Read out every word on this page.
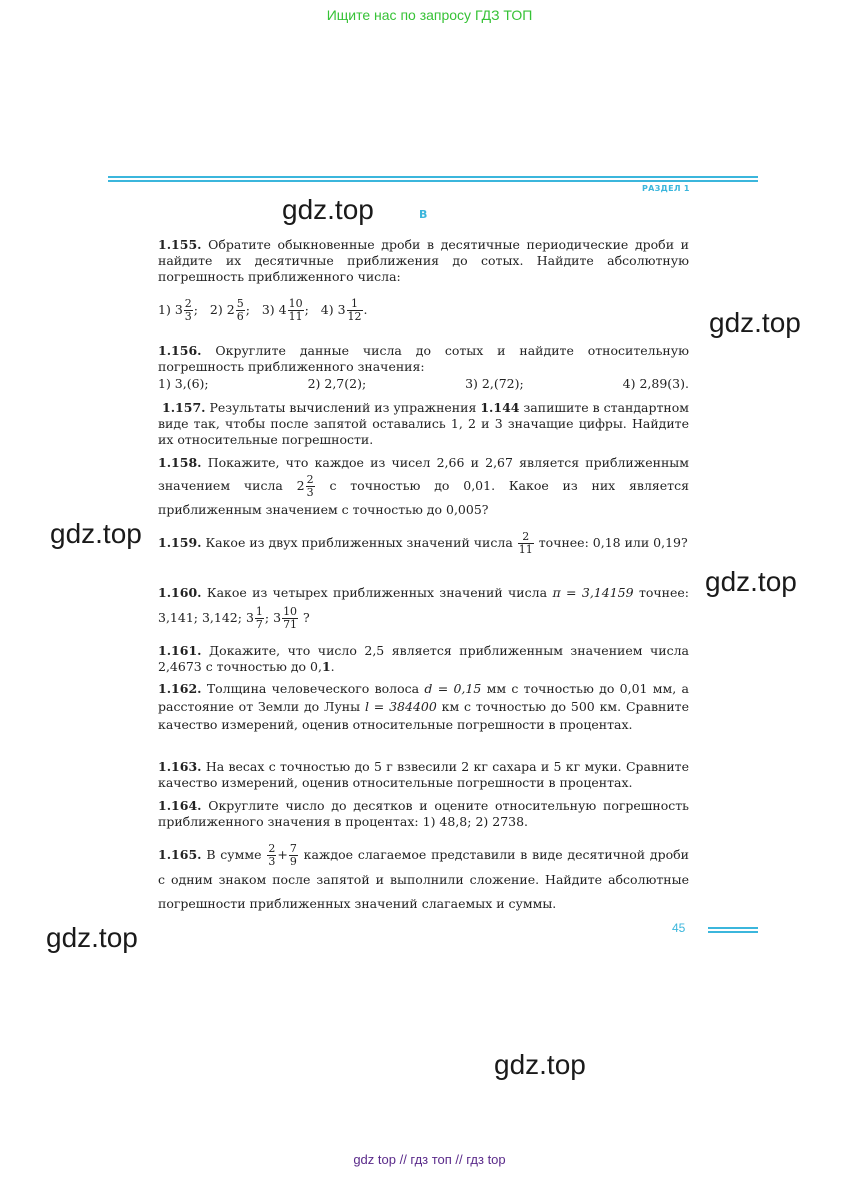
Ищите нас по запросу ГДЗ ТОП
РАЗДЕЛ 1
В
gdz.top
gdz.top
gdz.top
gdz.top
gdz.top
gdz.top
1.155. Обратите обыкновенные дроби в десятичные периодические дроби и найдите их десятичные приближения до сотых. Найдите абсолютную погрешность приближенного числа:
1) $3 \frac{2}{3}$ ; 2) $2 \frac{5}{6}$ ; 3) $4 \frac{10}{11}$ ; 4) $3 \frac{1}{12}$ .
1.156. Округлите данные числа до сотых и найдите относительную погрешность приближенного значения:
1) 3,(6);	2) 2,7(2);	3) 2,(72);	4) 2,89(3).
1.157. Результаты вычислений из упражнения 1.144 запишите в стандартном виде так, чтобы после запятой оставались 1, 2 и 3 значащие цифры. Найдите их относительные погрешности.
1.158. Покажите, что каждое из чисел 2,66 и 2,67 является приближенным значением числа $2 \frac{2}{3}$ с точностью до 0,01. Какое из них является приближенным значением с точностью до 0,005?
1.159. Какое из двух приближенных значений числа $\frac{2}{11}$ точнее: 0,18 или 0,19?
1.160. Какое из четырех приближенных значений числа π = 3,14159 точнее: 3,141; 3,142; $3 \frac{1}{7}$ ; $3 \frac{10}{71}$ ?
1.161. Докажите, что число 2,5 является приближенным значением числа 2,4673 с точностью до 0,1.
1.162. Толщина человеческого волоса d = 0,15 мм с точностью до 0,01 мм, а расстояние от Земли до Луны l = 384400 км с точностью до 500 км. Сравните качество измерений, оценив относительные погрешности в процентах.
1.163. На весах с точностью до 5 г взвесили 2 кг сахара и 5 кг муки. Сравните качество измерений, оценив относительные погрешности в процентах.
1.164. Округлите число до десятков и оцените относительную погрешность приближенного значения в процентах: 1) 48,8; 2) 2738.
1.165. В сумме $\frac{2}{3} + \frac{7}{9}$ каждое слагаемое представили в виде десятичной дроби с одним знаком после запятой и выполнили сложение. Найдите абсолютные погрешности приближенных значений слагаемых и суммы.
45
gdz top // гдз топ // гдз top
